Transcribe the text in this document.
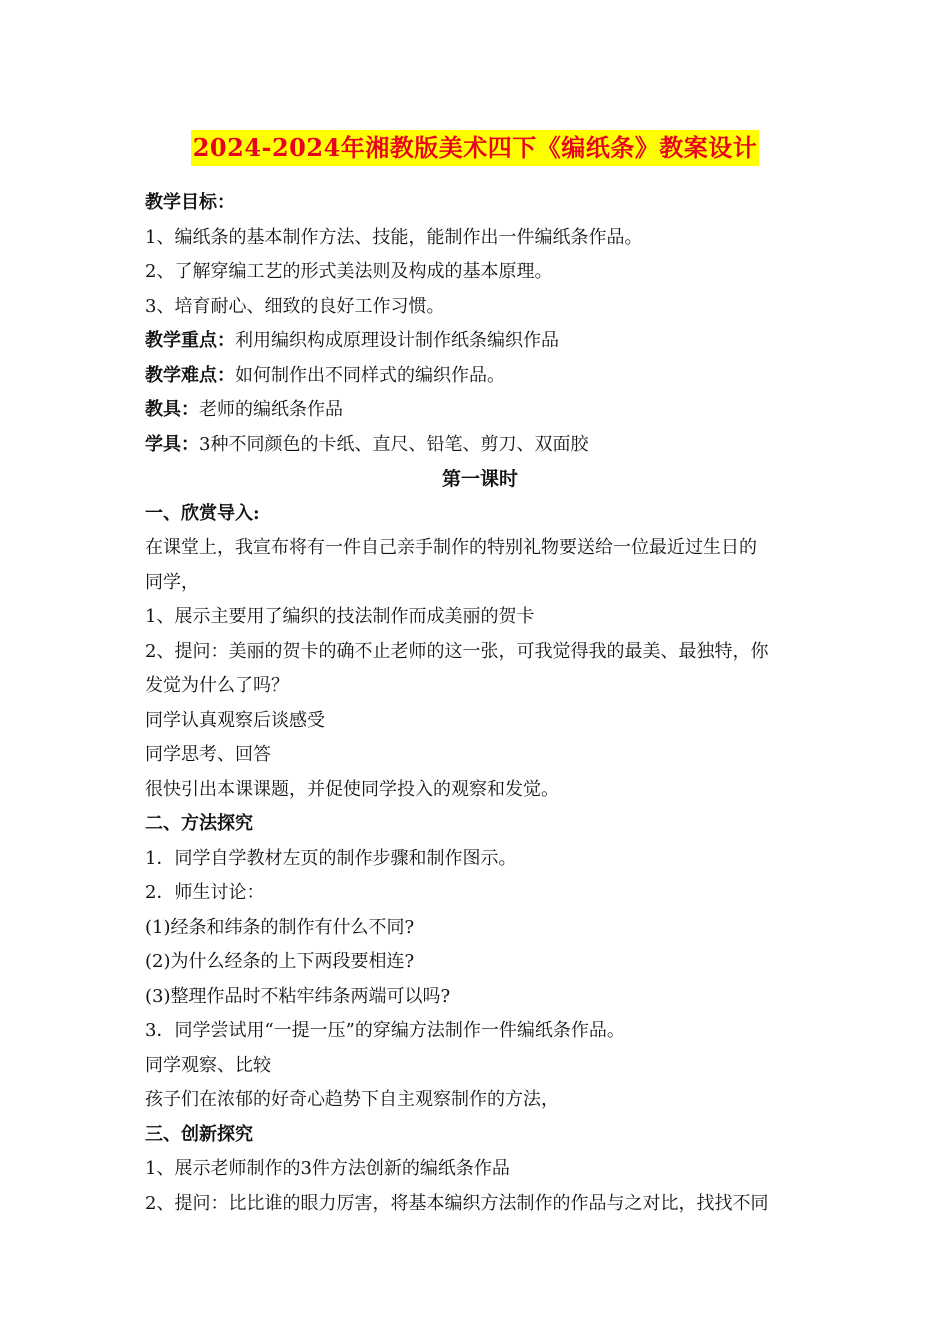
2024-2024年湘教版美术四下《编纸条》教案设计
教学目标：
1、编纸条的基本制作方法、技能，能制作出一件编纸条作品。
2、了解穿编工艺的形式美法则及构成的基本原理。
3、培育耐心、细致的良好工作习惯。
教学重点：利用编织构成原理设计制作纸条编织作品
教学难点：如何制作出不同样式的编织作品。
教具：老师的编纸条作品
学具：3种不同颜色的卡纸、直尺、铅笔、剪刀、双面胶
第一课时
一、欣赏导入:
在课堂上，我宣布将有一件自己亲手制作的特别礼物要送给一位最近过生日的
同学，
1、展示主要用了编织的技法制作而成美丽的贺卡
2、提问：美丽的贺卡的确不止老师的这一张，可我觉得我的最美、最独特，你
发觉为什么了吗？
同学认真观察后谈感受
同学思考、回答
很快引出本课课题，并促使同学投入的观察和发觉。
二、方法探究
1．同学自学教材左页的制作步骤和制作图示。
2．师生讨论：
(1)经条和纬条的制作有什么不同?
(2)为什么经条的上下两段要相连?
(3)整理作品时不粘牢纬条两端可以吗?
3．同学尝试用“一提一压”的穿编方法制作一件编纸条作品。
同学观察、比较
孩子们在浓郁的好奇心趋势下自主观察制作的方法，
三、创新探究
1、展示老师制作的3件方法创新的编纸条作品
2、提问：比比谁的眼力厉害，将基本编织方法制作的作品与之对比，找找不同
